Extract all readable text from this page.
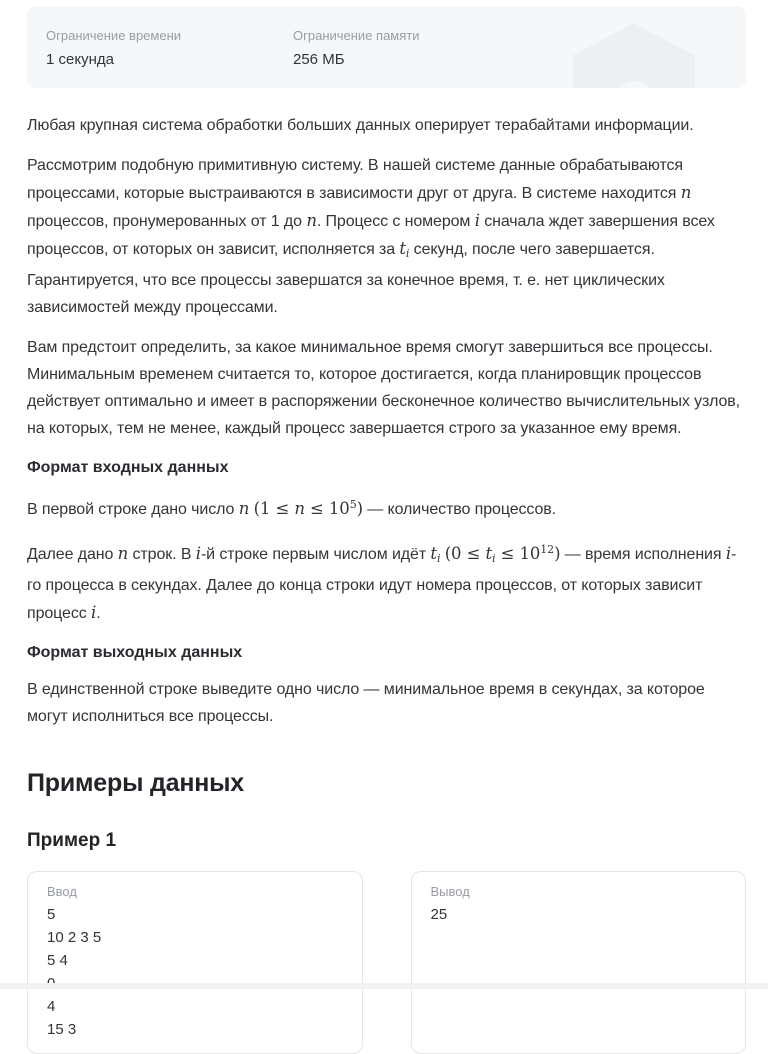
Ограничение времени
1 секунда
Ограничение памяти
256 МБ

Любая крупная система обработки больших данных оперирует терабайтами информации.

Рассмотрим подобную примитивную систему. В нашей системе данные обрабатываются процессами, которые выстраиваются в зависимости друг от друга. В системе находится n процессов, пронумерованных от 1 до n. Процесс с номером i сначала ждет завершения всех процессов, от которых он зависит, исполняется за $t_i$ секунд, после чего завершается. Гарантируется, что все процессы завершатся за конечное время, т. е. нет циклических зависимостей между процессами.

Вам предстоит определить, за какое минимальное время смогут завершиться все процессы. Минимальным временем считается то, которое достигается, когда планировщик процессов действует оптимально и имеет в распоряжении бесконечное количество вычислительных узлов, на которых, тем не менее, каждый процесс завершается строго за указанное ему время.

Формат входных данных

В первой строке дано число n $(1 \le n \le 10^5)$ — количество процессов.

Далее дано n строк. В i-й строке первым числом идёт $t_i$ $(0 \le t_i \le 10^{12})$ — время исполнения i-го процесса в секундах. Далее до конца строки идут номера процессов, от которых зависит процесс i.

Формат выходных данных

В единственной строке выведите одно число — минимальное время в секундах, за которое могут исполниться все процессы.

Примеры данных
Пример 1
Ввод
5
10 2 3 5
5 4
4
15 3
Вывод
25
